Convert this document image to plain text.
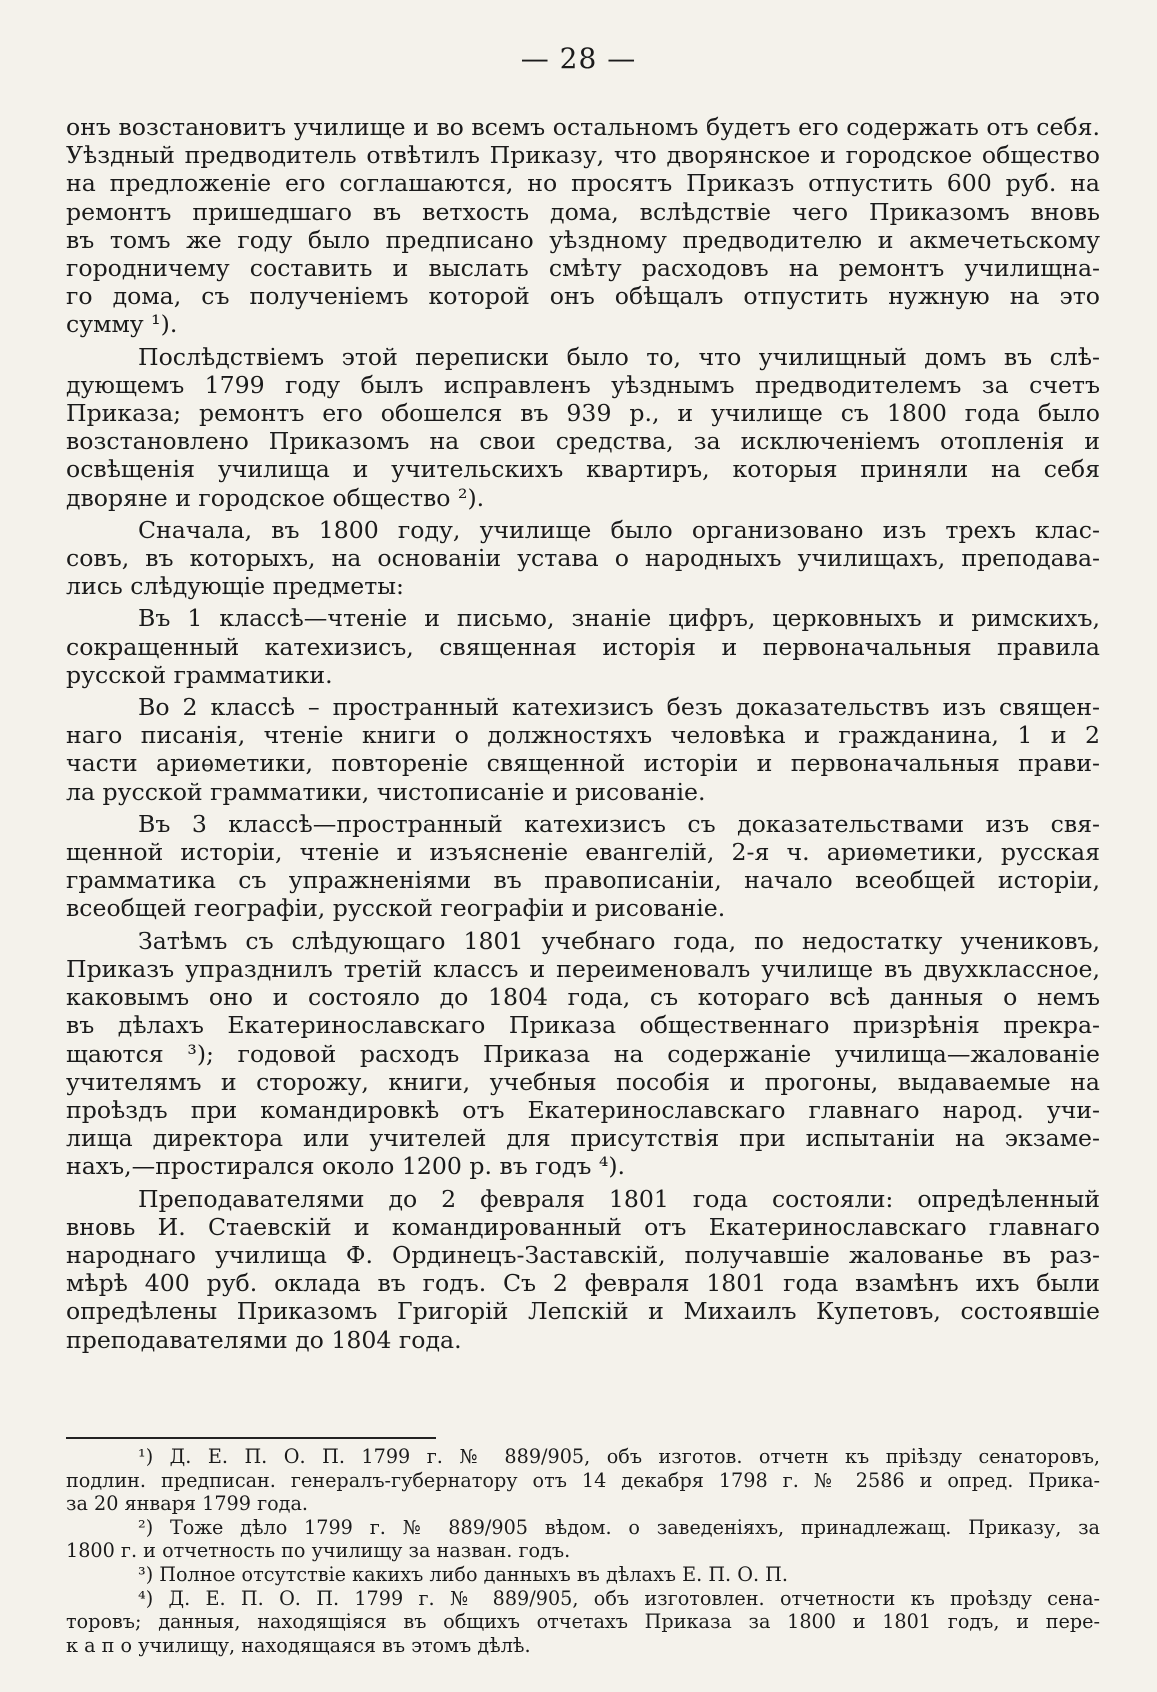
— 28 —
онъ возстановитъ училище и во всемъ остальномъ будетъ его содержать отъ себя.
Уѣздный предводитель отвѣтилъ Приказу, что дворянское и городское общество
на предложеніе его соглашаются, но просятъ Приказъ отпустить 600 руб. на
ремонтъ пришедшаго въ ветхость дома, вслѣдствіе чего Приказомъ вновь
въ томъ же году было предписано уѣздному предводителю и акмечетьскому
городничему составить и выслать смѣту расходовъ на ремонтъ училищна-
го дома, съ полученіемъ которой онъ обѣщалъ отпустить нужную на это
сумму ¹).
Послѣдствіемъ этой переписки было то, что училищный домъ въ слѣ-
дующемъ 1799 году былъ исправленъ уѣзднымъ предводителемъ за счетъ
Приказа; ремонтъ его обошелся въ 939 р., и училище съ 1800 года было
возстановлено Приказомъ на свои средства, за исключеніемъ отопленія и
освѣщенія училища и учительскихъ квартиръ, которыя приняли на себя
дворяне и городское общество ²).
Сначала, въ 1800 году, училище было организовано изъ трехъ клас-
совъ, въ которыхъ, на основаніи устава о народныхъ училищахъ, преподава-
лись слѣдующіе предметы:
Въ 1 классѣ—чтеніе и письмо, знаніе цифръ, церковныхъ и римскихъ,
сокращенный катехизисъ, священная исторія и первоначальныя правила
русской грамматики.
Во 2 классѣ – пространный катехизисъ безъ доказательствъ изъ священ-
наго писанія, чтеніе книги о должностяхъ человѣка и гражданина, 1 и 2
части ариѳметики, повтореніе священной исторіи и первоначальныя прави-
ла русской грамматики, чистописаніе и рисованіе.
Въ 3 классѣ—пространный катехизисъ съ доказательствами изъ свя-
щенной исторіи, чтеніе и изъясненіе евангелій, 2-я ч. ариѳметики, русская
грамматика съ упражненіями въ правописаніи, начало всеобщей исторіи,
всеобщей географіи, русской географіи и рисованіе.
Затѣмъ съ слѣдующаго 1801 учебнаго года, по недостатку учениковъ,
Приказъ упразднилъ третій классъ и переименовалъ училище въ двухклассное,
каковымъ оно и состояло до 1804 года, съ котораго всѣ данныя о немъ
въ дѣлахъ Екатеринославскаго Приказа общественнаго призрѣнія прекра-
щаются ³); годовой расходъ Приказа на содержаніе училища—жалованіе
учителямъ и сторожу, книги, учебныя пособія и прогоны, выдаваемые на
проѣздъ при командировкѣ отъ Екатеринославскаго главнаго народ. учи-
лища директора или учителей для присутствія при испытаніи на экзаме-
нахъ,—простирался около 1200 р. въ годъ ⁴).
Преподавателями до 2 февраля 1801 года состояли: опредѣленный
вновь И. Стаевскій и командированный отъ Екатеринославскаго главнаго
народнаго училища Ф. Ординецъ-Заставскій, получавшіе жалованье въ раз-
мѣрѣ 400 руб. оклада въ годъ. Съ 2 февраля 1801 года взамѣнъ ихъ были
опредѣлены Приказомъ Григорій Лепскій и Михаилъ Купетовъ, состоявшіе
преподавателями до 1804 года.
¹) Д. Е. П. О. П. 1799 г. № 889/905, объ изготов. отчетн къ пріѣзду сенаторовъ,
подлин. предписан. генералъ-губернатору отъ 14 декабря 1798 г. № 2586 и опред. Прика-
за 20 января 1799 года.
²) Тоже дѣло 1799 г. № 889/905 вѣдом. о заведеніяхъ, принадлежащ. Приказу, за
1800 г. и отчетность по училищу за назван. годъ.
³) Полное отсутствіе какихъ либо данныхъ въ дѣлахъ Е. П. О. П.
⁴) Д. Е. П. О. П. 1799 г. № 889/905, объ изготовлен. отчетности къ проѣзду сена-
торовъ; данныя, находящіяся въ общихъ отчетахъ Приказа за 1800 и 1801 годъ, и пере-
к а п о училищу, находящаяся въ этомъ дѣлѣ.
